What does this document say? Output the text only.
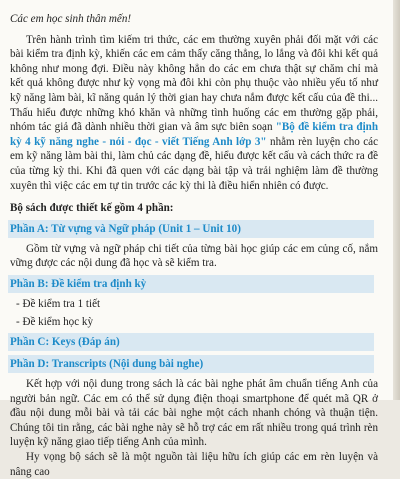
Các em học sinh thân mến!

Trên hành trình tìm kiếm tri thức, các em thường xuyên phải đối mặt với các bài kiểm tra định kỳ, khiến các em cảm thấy căng thẳng, lo lắng và đôi khi kết quả không như mong đợi. Điều này không hẳn do các em chưa thật sự chăm chỉ mà kết quả không được như kỳ vọng mà đôi khi còn phụ thuộc vào nhiều yếu tố như kỹ năng làm bài, kĩ năng quản lý thời gian hay chưa nắm được kết cấu của đề thi... Thấu hiểu được những khó khăn và những tình huống các em thường gặp phải, nhóm tác giả đã dành nhiều thời gian và âm sực biên soạn "Bộ đề kiểm tra định kỳ 4 kỹ năng nghe - nói - đọc - viết Tiếng Anh lớp 3" nhằm rèn luyện cho các em kỹ năng làm bài thi, làm chủ các dạng đề, hiểu được kết cấu và cách thức ra đề của từng kỳ thi. Khi đã quen với các dạng bài tập và trải nghiệm làm đề thường xuyên thì việc các em tự tin trước các kỳ thi là điều hiển nhiên có được.

Bộ sách được thiết kế gồm 4 phần:

Phần A: Từ vựng và Ngữ pháp (Unit 1 – Unit 10)

Gồm từ vựng và ngữ pháp chi tiết của từng bài học giúp các em củng cố, nắm vững được các nội dung đã học và sẽ kiểm tra.

Phần B: Đề kiểm tra định kỳ

- Đề kiểm tra 1 tiết

- Đề kiểm học kỳ

Phần C: Keys (Đáp án)

Phần D: Transcripts (Nội dung bài nghe)

Kết hợp với nội dung trong sách là các bài nghe phát âm chuẩn tiếng Anh của người bản ngữ. Các em có thể sử dụng điện thoại smartphone để quét mã QR ở đầu nội dung mỗi bài và tải các bài nghe một cách nhanh chóng và thuận tiện. Chúng tôi tin rằng, các bài nghe này sẽ hỗ trợ các em rất nhiều trong quá trình rèn luyện kỹ năng giao tiếp tiếng Anh của mình.

Hy vọng bộ sách sẽ là một nguồn tài liệu hữu ích giúp các em rèn luyện và nâng cao
